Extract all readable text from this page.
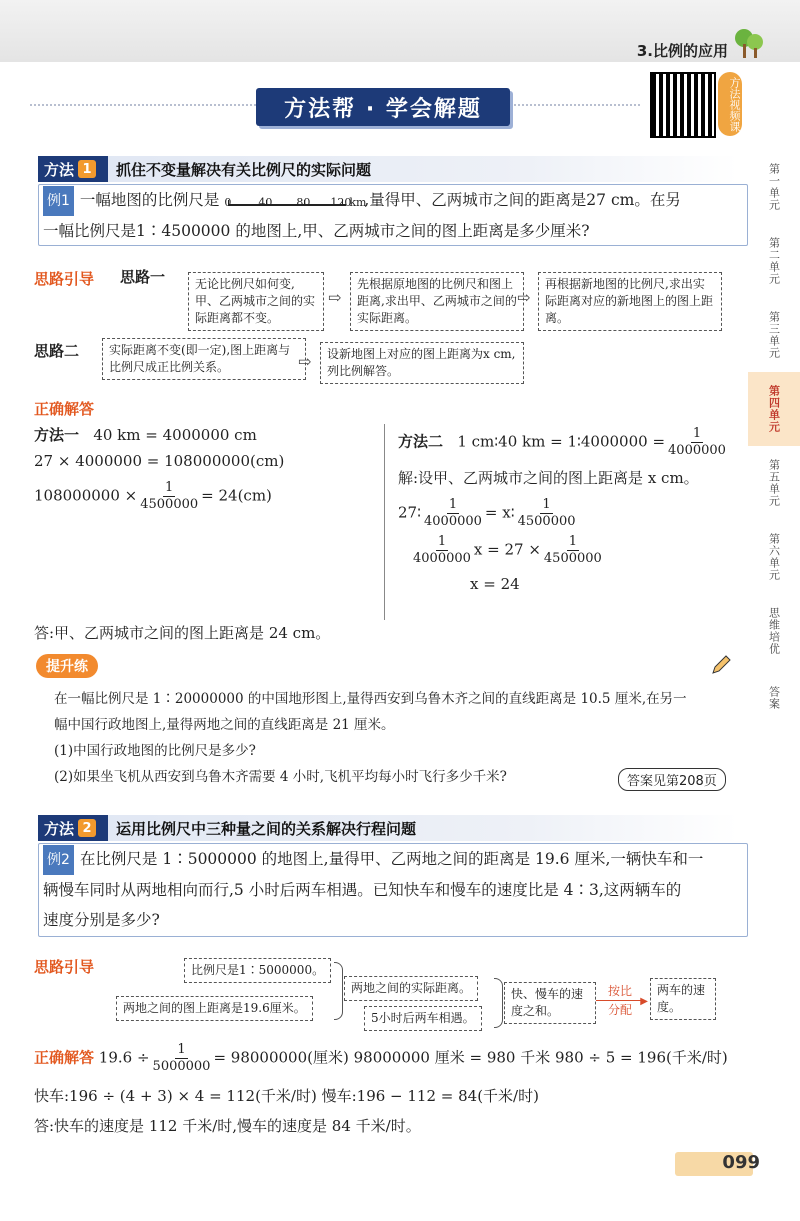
3.比例的应用
第一单元
第二单元
第三单元
第四单元
第五单元
第六单元
思维培优
答案
方法帮 · 学会解题	方法视频课
方法 1 抓住不变量解决有关比例尺的实际问题
例1 一幅地图的比例尺是 0 40 80 120
km
,量得甲、乙两城市之间的距离是27 cm。在另
一幅比例尺是1∶4500000 的地图上,甲、乙两城市之间的图上距离是多少厘米?
思路引导 思路一	无论比例尺如何变,甲、乙两城市之间的实际距离都不变。
⇨
先根据原地图的比例尺和图上距离,求出甲、乙两城市之间的实际距离。
⇨
再根据新地图的比例尺,求出实际距离对应的新地图上的图上距离。
思路二	实际距离不变(即一定),图上距离与比例尺成正比例关系。	⇨	设新地图上对应的图上距离为x cm,列比例解答。
正确解答
方法一 40 km = 4000000 cm
27 × 4000000 = 108000000(cm)
$108000000 \times \frac{1}{4500000} = 24(cm)$
方法二 1 cm∶40 km = 1∶4000000 = $\frac{1}{4000000}$
解:设甲、乙两城市之间的图上距离是 x cm。
27∶ $\frac{1}{4000000}$ = x∶ $\frac{1}{4500000}$
$\frac{1}{4000000}$ $x = 27 \times \frac{1}{4500000}$
x = 24
答:甲、乙两城市之间的图上距离是 24 cm。
提升练
在一幅比例尺是 1∶20000000 的中国地形图上,量得西安到乌鲁木齐之间的直线距离是 10.5 厘米,在另一
幅中国行政地图上,量得两地之间的直线距离是 21 厘米。
(1)中国行政地图的比例尺是多少?
(2)如果坐飞机从西安到乌鲁木齐需要 4 小时,飞机平均每小时飞行多少千米?	答案见第208页
方法 2 运用比例尺中三种量之间的关系解决行程问题
例2 在比例尺是 1∶5000000 的地图上,量得甲、乙两地之间的距离是 19.6 厘米,一辆快车和一
辆慢车同时从两地相向而行,5 小时后两车相遇。已知快车和慢车的速度比是 4∶3,这两辆车的
速度分别是多少?
思路引导	比例尺是1∶5000000。
两地之间的图上距离是19.6厘米。
两地之间的实际距离。
5小时后两车相遇。
快、慢车的速度之和。
按比
▶
分配
两车的速度。
正确解答 $19.6 \div \frac{1}{5000000} = 98000000$(厘米) 98000000 厘米 = 980 千米 980 ÷ 5 = 196(千米/时)
快车:196 ÷ (4 + 3) × 4 = 112(千米/时) 慢车:196 − 112 = 84(千米/时)
答:快车的速度是 112 千米/时,慢车的速度是 84 千米/时。
099
